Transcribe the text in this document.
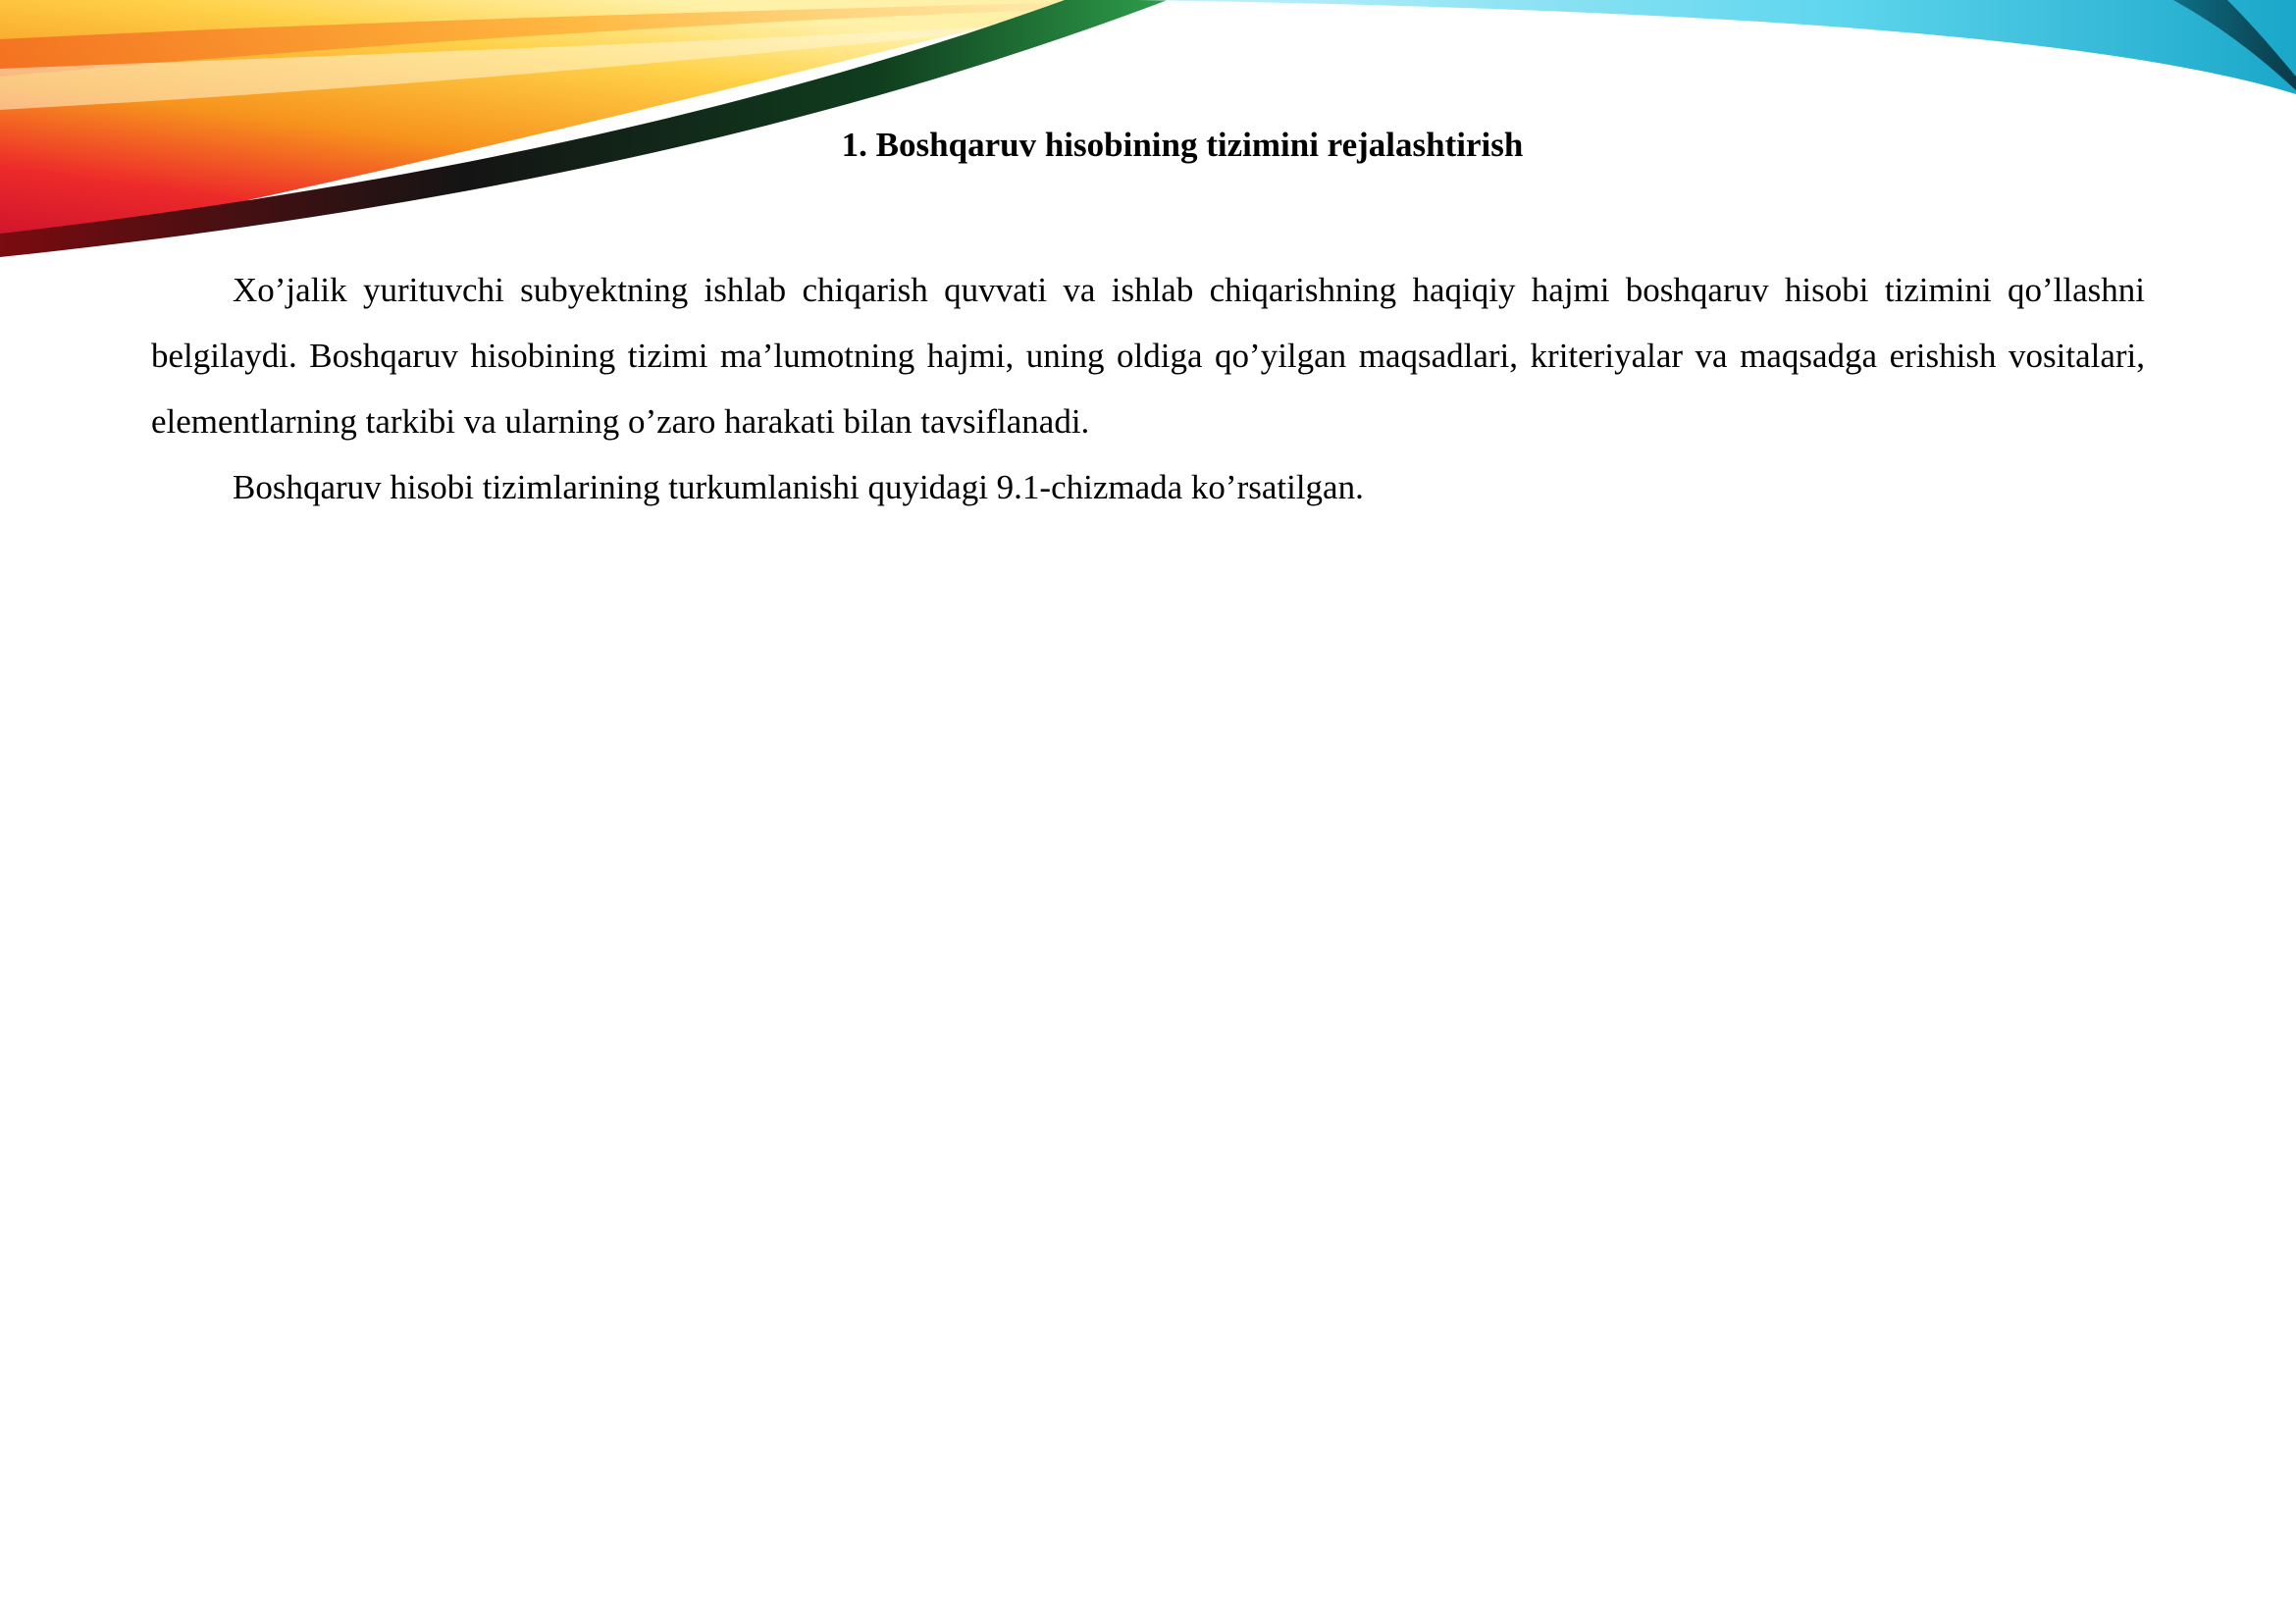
1. Boshqaruv hisobining tizimini rejalashtirish

Xo’jalik yurituvchi subyektning ishlab chiqarish quvvati va ishlab chiqarishning haqiqiy hajmi boshqaruv hisobi tizimini qo’llashni belgilaydi. Boshqaruv hisobining tizimi ma’lumotning hajmi, uning oldiga qo’yilgan maqsadlari, kriteriyalar va maqsadga erishish vositalari, elementlarning tarkibi va ularning o’zaro harakati bilan tavsiflanadi.

Boshqaruv hisobi tizimlarining turkumlanishi quyidagi 9.1-chizmada ko’rsatilgan.
